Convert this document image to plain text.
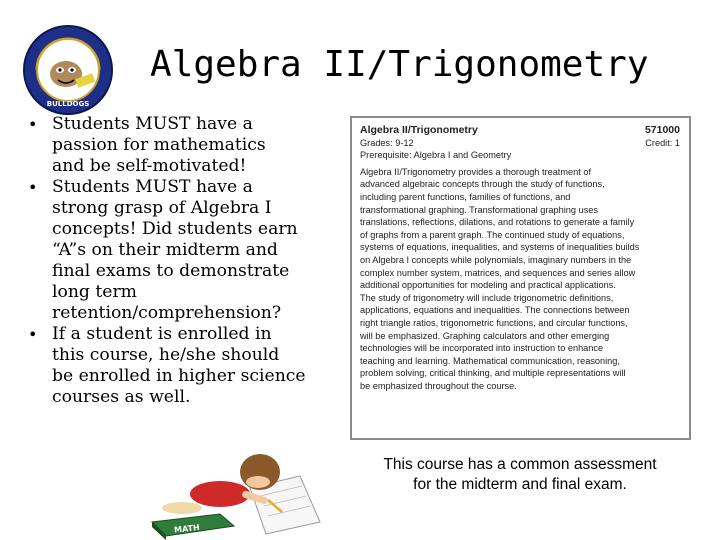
BULLDOGS
Algebra II/Trigonometry
• Students MUST have a
passion for mathematics
and be self-motivated!
• Students MUST have a
strong grasp of Algebra I
concepts! Did students earn
“A”s on their midterm and
final exams to demonstrate
long term
retention/comprehension?
• If a student is enrolled in
this course, he/she should
be enrolled in higher science
courses as well.
Algebra II/Trigonometry	571000
Grades: 9-12	Credit: 1
Prerequisite: Algebra I and Geometry
Algebra II/Trigonometry provides a thorough treatment of
advanced algebraic concepts through the study of functions,
including parent functions, families of functions, and
transformational graphing. Transformational graphing uses
translations, reflections, dilations, and rotations to generate a family
of graphs from a parent graph. The continued study of equations,
systems of equations, inequalities, and systems of inequalities builds
on Algebra I concepts while polynomials, imaginary numbers in the
complex number system, matrices, and sequences and series allow
additional opportunities for modeling and practical applications.
The study of trigonometry will include trigonometric definitions,
applications, equations and inequalities. The connections between
right triangle ratios, trigonometric functions, and circular functions,
will be emphasized. Graphing calculators and other emerging
technologies will be incorporated into instruction to enhance
teaching and learning. Mathematical communication, reasoning,
problem solving, critical thinking, and multiple representations will
be emphasized throughout the course.
This course has a common assessment
for the midterm and final exam.
MATH
